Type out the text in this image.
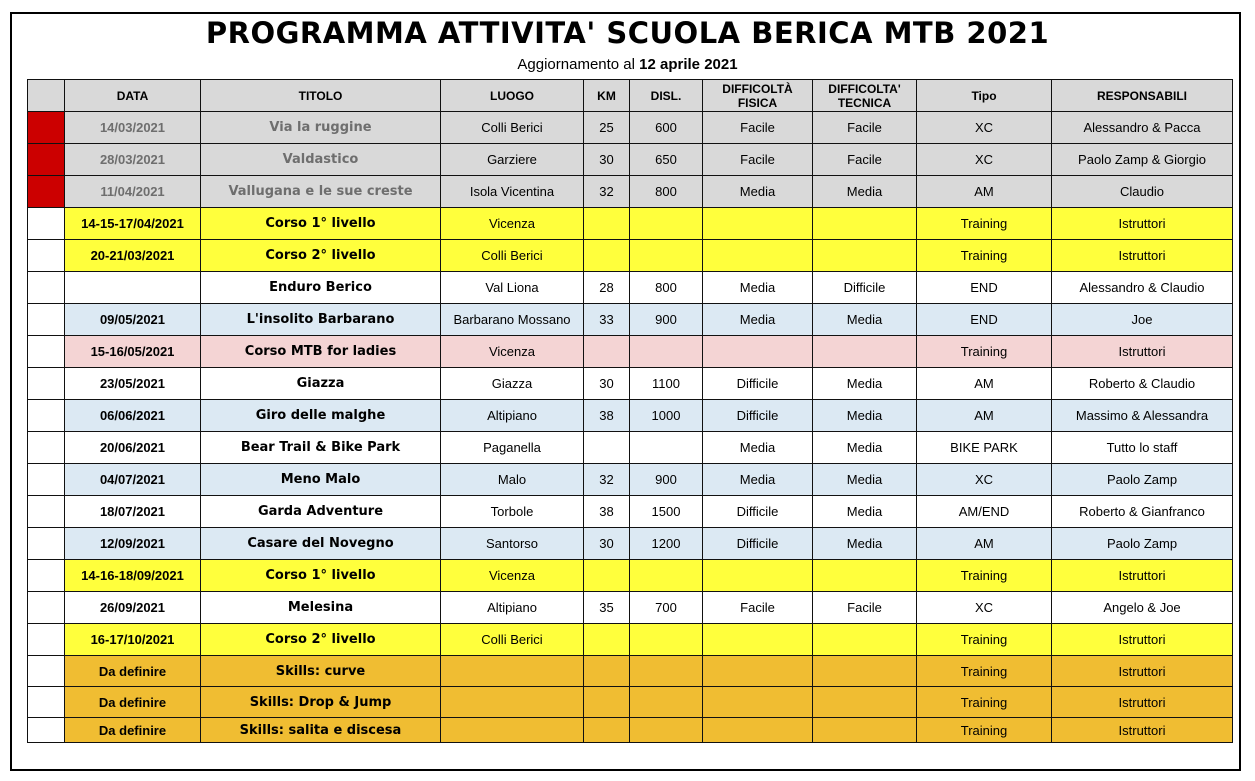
PROGRAMMA ATTIVITA' SCUOLA BERICA MTB 2021
Aggiornamento al 12 aprile 2021
	DATA	TITOLO	LUOGO	KM	DISL.	DIFFICOLTÀ FISICA	DIFFICOLTA' TECNICA	Tipo	RESPONSABILI
	14/03/2021	Via la ruggine	Colli Berici	25	600	Facile	Facile	XC	Alessandro & Pacca
	28/03/2021	Valdastico	Garziere	30	650	Facile	Facile	XC	Paolo Zamp & Giorgio
	11/04/2021	Vallugana e le sue creste	Isola Vicentina	32	800	Media	Media	AM	Claudio
	14-15-17/04/2021	Corso 1° livello	Vicenza					Training	Istruttori
	20-21/03/2021	Corso 2° livello	Colli Berici					Training	Istruttori
		Enduro Berico	Val Liona	28	800	Media	Difficile	END	Alessandro & Claudio
	09/05/2021	L'insolito Barbarano	Barbarano Mossano	33	900	Media	Media	END	Joe
	15-16/05/2021	Corso MTB for ladies	Vicenza					Training	Istruttori
	23/05/2021	Giazza	Giazza	30	1100	Difficile	Media	AM	Roberto & Claudio
	06/06/2021	Giro delle malghe	Altipiano	38	1000	Difficile	Media	AM	Massimo & Alessandra
	20/06/2021	Bear Trail & Bike Park	Paganella			Media	Media	BIKE PARK	Tutto lo staff
	04/07/2021	Meno Malo	Malo	32	900	Media	Media	XC	Paolo Zamp
	18/07/2021	Garda Adventure	Torbole	38	1500	Difficile	Media	AM/END	Roberto & Gianfranco
	12/09/2021	Casare del Novegno	Santorso	30	1200	Difficile	Media	AM	Paolo Zamp
	14-16-18/09/2021	Corso 1° livello	Vicenza					Training	Istruttori
	26/09/2021	Melesina	Altipiano	35	700	Facile	Facile	XC	Angelo & Joe
	16-17/10/2021	Corso 2° livello	Colli Berici					Training	Istruttori
	Da definire	Skills: curve						Training	Istruttori
	Da definire	Skills: Drop & Jump						Training	Istruttori
	Da definire	Skills: salita e discesa						Training	Istruttori
